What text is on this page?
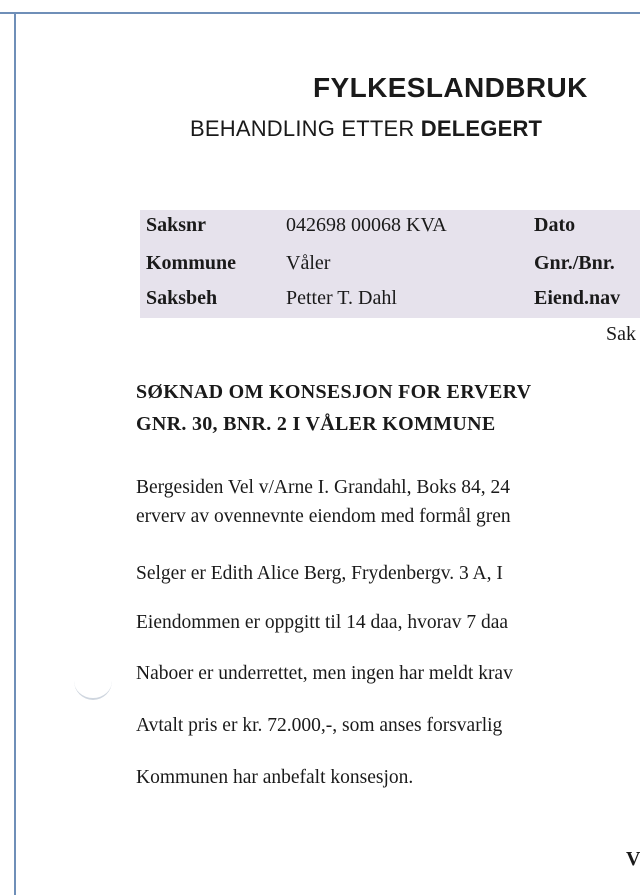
FYLKESLANDBRUK
BEHANDLING ETTER DELEGERT
Saksnr	042698 00068 KVA	Dato
Kommune	Våler	Gnr./Bnr.
Saksbeh	Petter T. Dahl	Eiend.nav
Sak
SØKNAD OM KONSESJON FOR ERVERV
GNR. 30, BNR. 2 I VÅLER KOMMUNE
Bergesiden Vel v/Arne I. Grandahl, Boks 84, 24
erverv av ovennevnte eiendom med formål gren
Selger er Edith Alice Berg, Frydenbergv. 3 A, I
Eiendommen er oppgitt til 14 daa, hvorav 7 daa
Naboer er underrettet, men ingen har meldt krav
Avtalt pris er kr. 72.000,-, som anses forsvarlig
Kommunen har anbefalt konsesjon.
V
